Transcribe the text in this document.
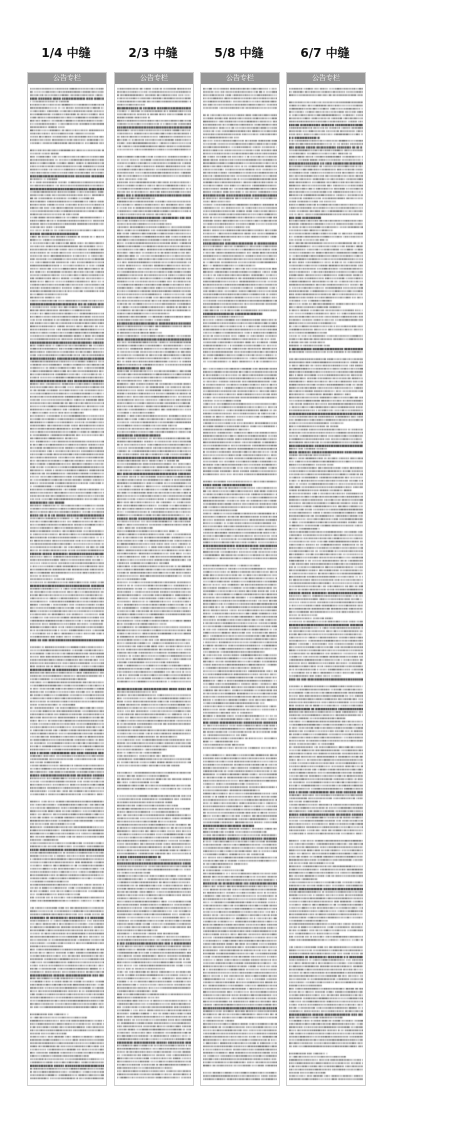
1/4 中缝
公告专栏
2/3 中缝
公告专栏
5/8 中缝
公告专栏
6/7 中缝
公告专栏
